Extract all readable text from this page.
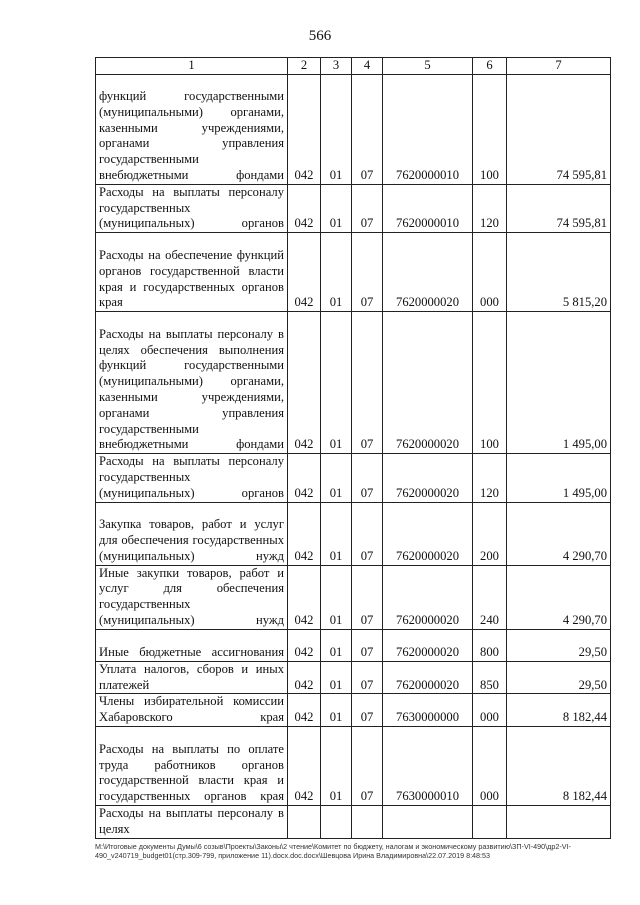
566
1	2	3	4	5	6	7
функций государственными (муниципальными) органами, казенными учреждениями, органами управления государственными внебюджетными фондами	042	01	07	7620000010	100	74 595,81
Расходы на выплаты персоналу государственных (муниципальных) органов	042	01	07	7620000010	120	74 595,81
Расходы на обеспечение функций органов государственной власти края и государственных органов края	042	01	07	7620000020	000	5 815,20
Расходы на выплаты персоналу в целях обеспечения выполнения функций государственными (муниципальными) органами, казенными учреждениями, органами управления государственными внебюджетными фондами	042	01	07	7620000020	100	1 495,00
Расходы на выплаты персоналу государственных (муниципальных) органов	042	01	07	7620000020	120	1 495,00
Закупка товаров, работ и услуг для обеспечения государственных (муниципальных) нужд	042	01	07	7620000020	200	4 290,70
Иные закупки товаров, работ и услуг для обеспечения государственных (муниципальных) нужд	042	01	07	7620000020	240	4 290,70
Иные бюджетные ассигнования	042	01	07	7620000020	800	29,50
Уплата налогов, сборов и иных платежей	042	01	07	7620000020	850	29,50
Члены избирательной комиссии Хабаровского края	042	01	07	7630000000	000	8 182,44
Расходы на выплаты по оплате труда работников органов государственной власти края и государственных органов края	042	01	07	7630000010	000	8 182,44
Расходы на выплаты персоналу в целях						
M:\Итоговые документы Думы\6 созыв\Проекты\Законы\2 чтение\Комитет по бюджету, налогам и экономическому развитию\ЗП-VI-490\др2-VI-490_v240719_budget01(стр.309-799, приложение 11).docx.doc.docx\Шевцова Ирина Владимировна\22.07.2019 8:48:53
